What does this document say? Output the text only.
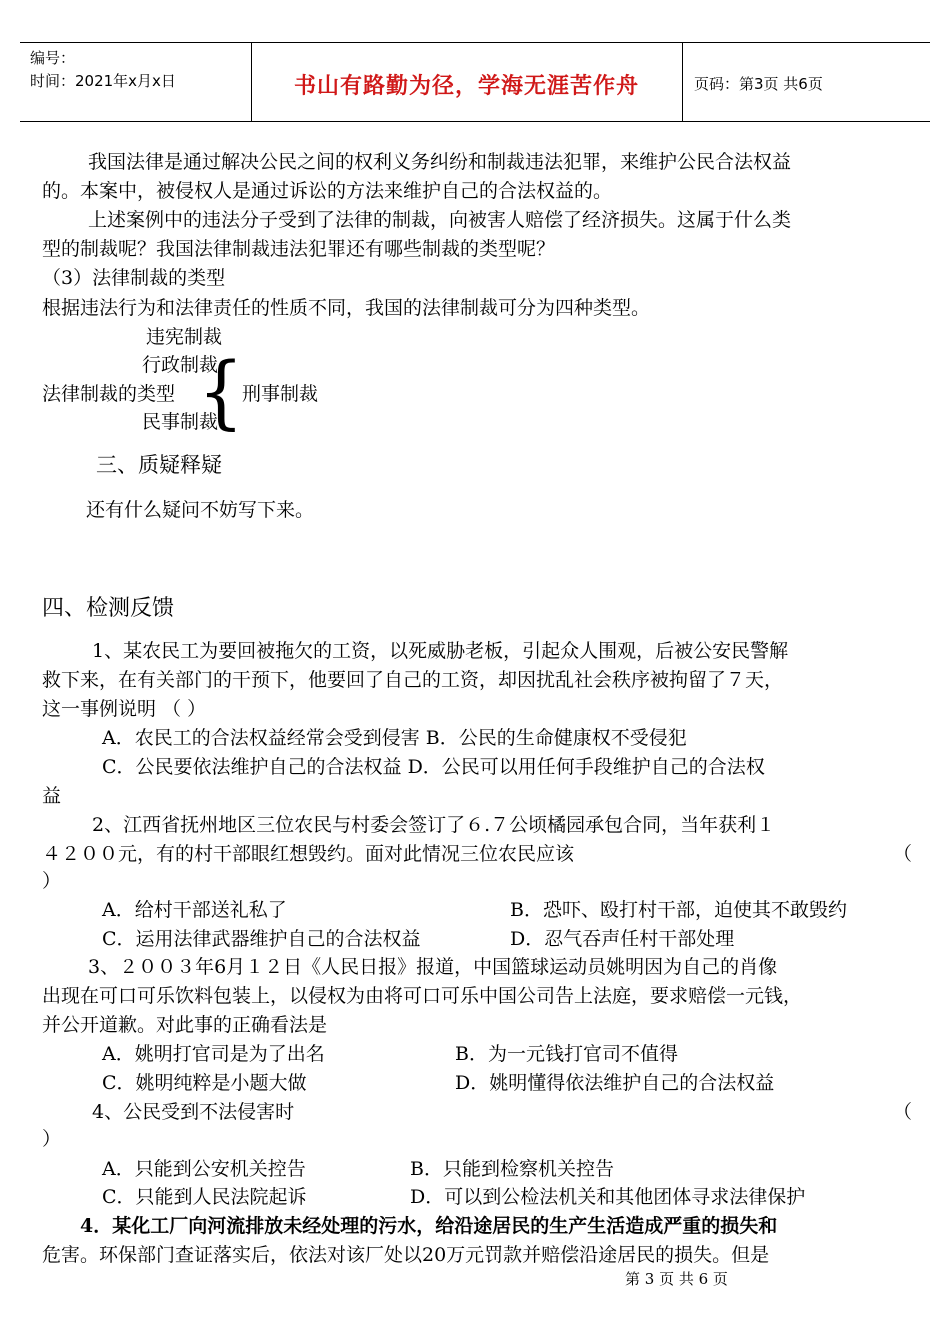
编号：
时间：2021年x月x日	书山有路勤为径，学海无涯苦作舟	页码：第3页 共6页
我国法律是通过解决公民之间的权利义务纠纷和制裁违法犯罪，来维护公民合法权益
的。本案中，被侵权人是通过诉讼的方法来维护自己的合法权益的。
上述案例中的违法分子受到了法律的制裁，向被害人赔偿了经济损失。这属于什么类
型的制裁呢？我国法律制裁违法犯罪还有哪些制裁的类型呢？
（3）法律制裁的类型
根据违法行为和法律责任的性质不同，我国的法律制裁可分为四种类型。
违宪制裁
行政制裁
法律制裁的类型 {
刑事制裁
民事制裁
三、质疑释疑
还有什么疑问不妨写下来。
四、检测反馈
1、某农民工为要回被拖欠的工资，以死威胁老板，引起众人围观，后被公安民警解
救下来，在有关部门的干预下，他要回了自己的工资，却因扰乱社会秩序被拘留了７天，
这一事例说明 （ ）
A．农民工的合法权益经常会受到侵害 B．公民的生命健康权不受侵犯
C．公民要依法维护自己的合法权益 D．公民可以用任何手段维护自己的合法权
益
2、江西省抚州地区三位农民与村委会签订了６.７公顷橘园承包合同，当年获利１
４２００元，有的村干部眼红想毁约。面对此情况三位农民应该	（
）
A．给村干部送礼私了	B．恐吓、殴打村干部，迫使其不敢毁约
C．运用法律武器维护自己的合法权益	D．忍气吞声任村干部处理
3、２００３年6月１２日《人民日报》报道，中国篮球运动员姚明因为自己的肖像
出现在可口可乐饮料包装上，以侵权为由将可口可乐中国公司告上法庭，要求赔偿一元钱，
并公开道歉。对此事的正确看法是
A．姚明打官司是为了出名	B．为一元钱打官司不值得
C．姚明纯粹是小题大做	D．姚明懂得依法维护自己的合法权益
4、公民受到不法侵害时	（
）
A．只能到公安机关控告	B．只能到检察机关控告
C．只能到人民法院起诉	D．可以到公检法机关和其他团体寻求法律保护
4．某化工厂向河流排放未经处理的污水，给沿途居民的生产生活造成严重的损失和
危害。环保部门查证落实后，依法对该厂处以20万元罚款并赔偿沿途居民的损失。但是
第 3 页 共 6 页
